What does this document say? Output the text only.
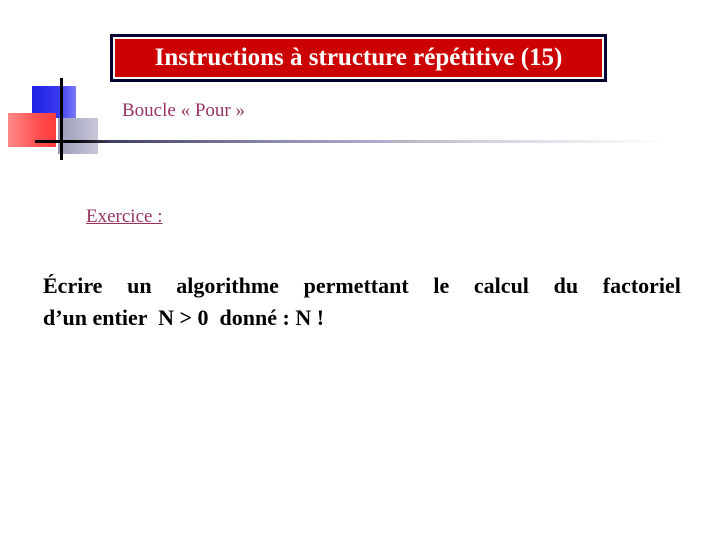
Instructions à structure répétitive (15)
Boucle « Pour »
Exercice :
Écrire un algorithme permettant le calcul du factoriel
d’un entier  N > 0  donné : N !
